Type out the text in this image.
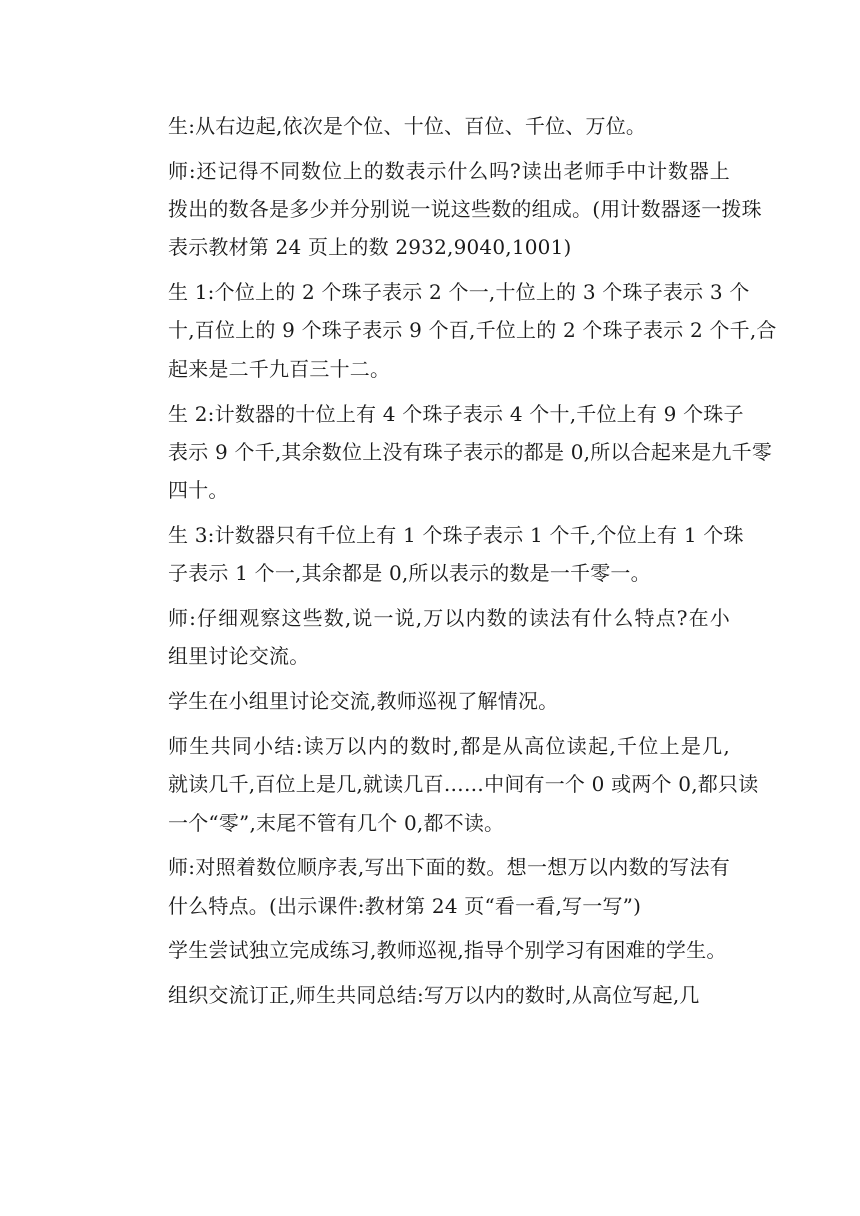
生:从右边起,依次是个位、十位、百位、千位、万位。

师:还记得不同数位上的数表示什么吗?读出老师手中计数器上
拨出的数各是多少并分别说一说这些数的组成。(用计数器逐一拨珠
表示教材第 24 页上的数 2932,9040,1001)

生 1:个位上的 2 个珠子表示 2 个一,十位上的 3 个珠子表示 3 个
十,百位上的 9 个珠子表示 9 个百,千位上的 2 个珠子表示 2 个千,合
起来是二千九百三十二。

生 2:计数器的十位上有 4 个珠子表示 4 个十,千位上有 9 个珠子
表示 9 个千,其余数位上没有珠子表示的都是 0,所以合起来是九千零
四十。

生 3:计数器只有千位上有 1 个珠子表示 1 个千,个位上有 1 个珠
子表示 1 个一,其余都是 0,所以表示的数是一千零一。

师:仔细观察这些数,说一说,万以内数的读法有什么特点?在小
组里讨论交流。

学生在小组里讨论交流,教师巡视了解情况。

师生共同小结:读万以内的数时,都是从高位读起,千位上是几,
就读几千,百位上是几,就读几百……中间有一个 0 或两个 0,都只读
一个“零”,末尾不管有几个 0,都不读。

师:对照着数位顺序表,写出下面的数。想一想万以内数的写法有
什么特点。(出示课件:教材第 24 页“看一看,写一写”)

学生尝试独立完成练习,教师巡视,指导个别学习有困难的学生。

组织交流订正,师生共同总结:写万以内的数时,从高位写起,几
